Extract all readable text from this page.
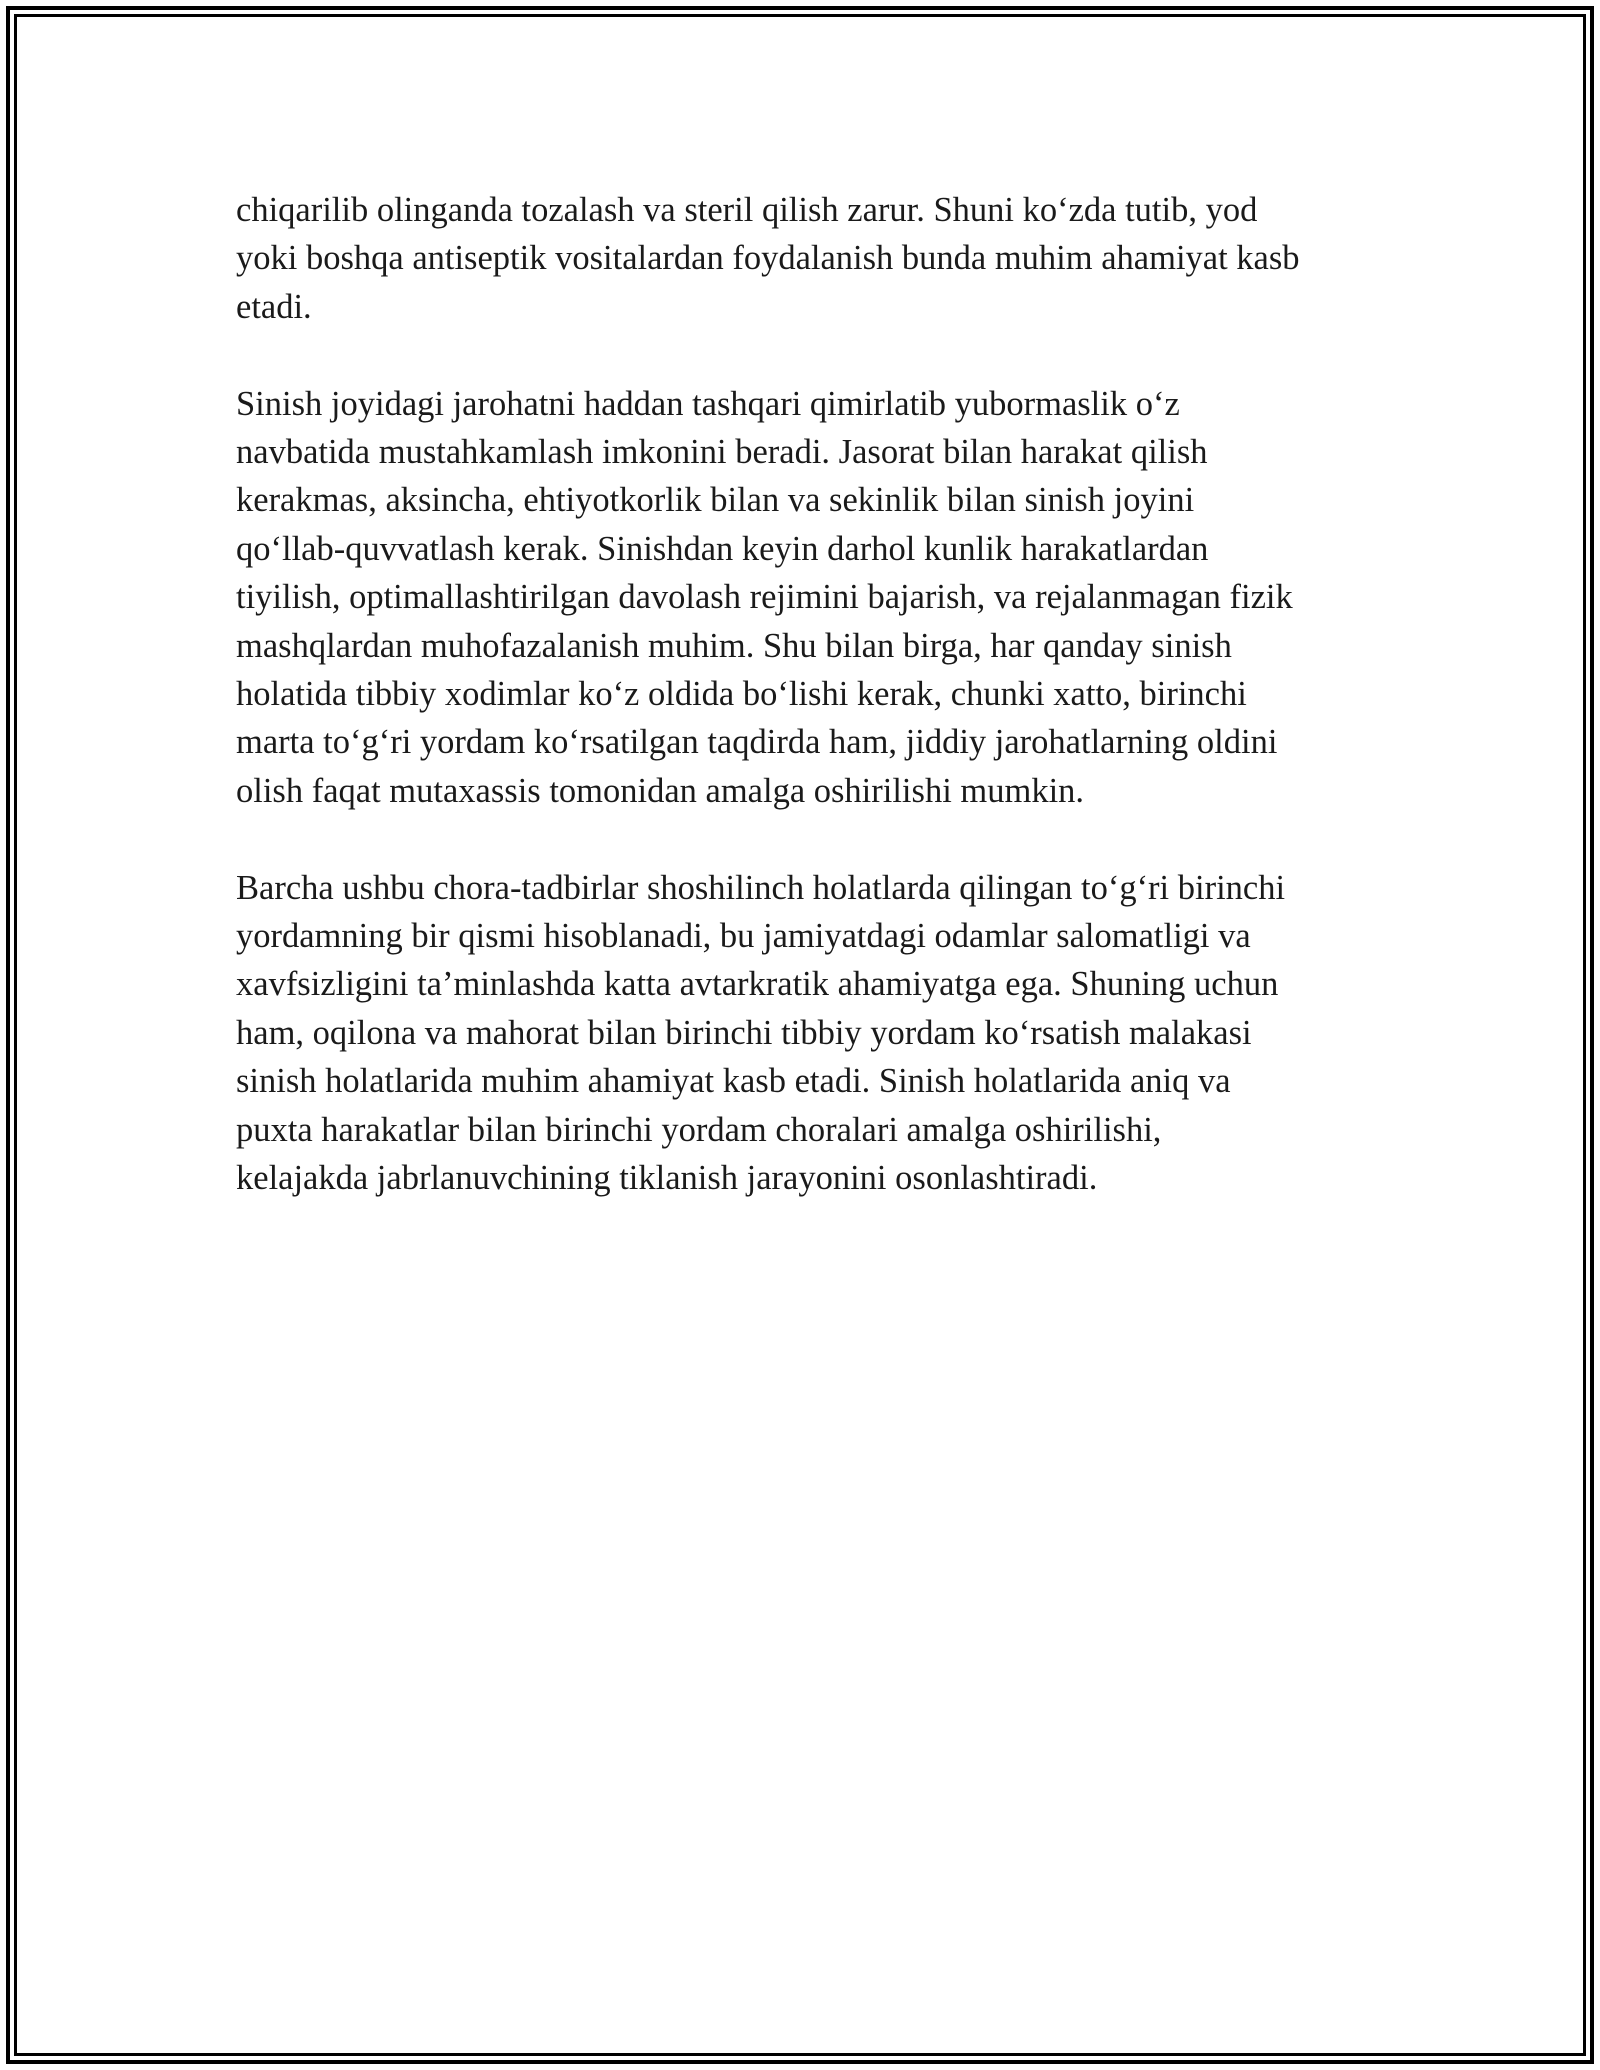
chiqarilib olinganda tozalash va steril qilish zarur. Shuni ko‘zda tutib, yod
yoki boshqa antiseptik vositalardan foydalanish bunda muhim ahamiyat kasb
etadi.

Sinish joyidagi jarohatni haddan tashqari qimirlatib yubormaslik o‘z
navbatida mustahkamlash imkonini beradi. Jasorat bilan harakat qilish
kerakmas, aksincha, ehtiyotkorlik bilan va sekinlik bilan sinish joyini
qo‘llab-quvvatlash kerak. Sinishdan keyin darhol kunlik harakatlardan
tiyilish, optimallashtirilgan davolash rejimini bajarish, va rejalanmagan fizik
mashqlardan muhofazalanish muhim. Shu bilan birga, har qanday sinish
holatida tibbiy xodimlar ko‘z oldida bo‘lishi kerak, chunki xatto, birinchi
marta to‘g‘ri yordam ko‘rsatilgan taqdirda ham, jiddiy jarohatlarning oldini
olish faqat mutaxassis tomonidan amalga oshirilishi mumkin.

Barcha ushbu chora-tadbirlar shoshilinch holatlarda qilingan to‘g‘ri birinchi
yordamning bir qismi hisoblanadi, bu jamiyatdagi odamlar salomatligi va
xavfsizligini ta’minlashda katta avtarkratik ahamiyatga ega. Shuning uchun
ham, oqilona va mahorat bilan birinchi tibbiy yordam ko‘rsatish malakasi
sinish holatlarida muhim ahamiyat kasb etadi. Sinish holatlarida aniq va
puxta harakatlar bilan birinchi yordam choralari amalga oshirilishi,
kelajakda jabrlanuvchining tiklanish jarayonini osonlashtiradi.
